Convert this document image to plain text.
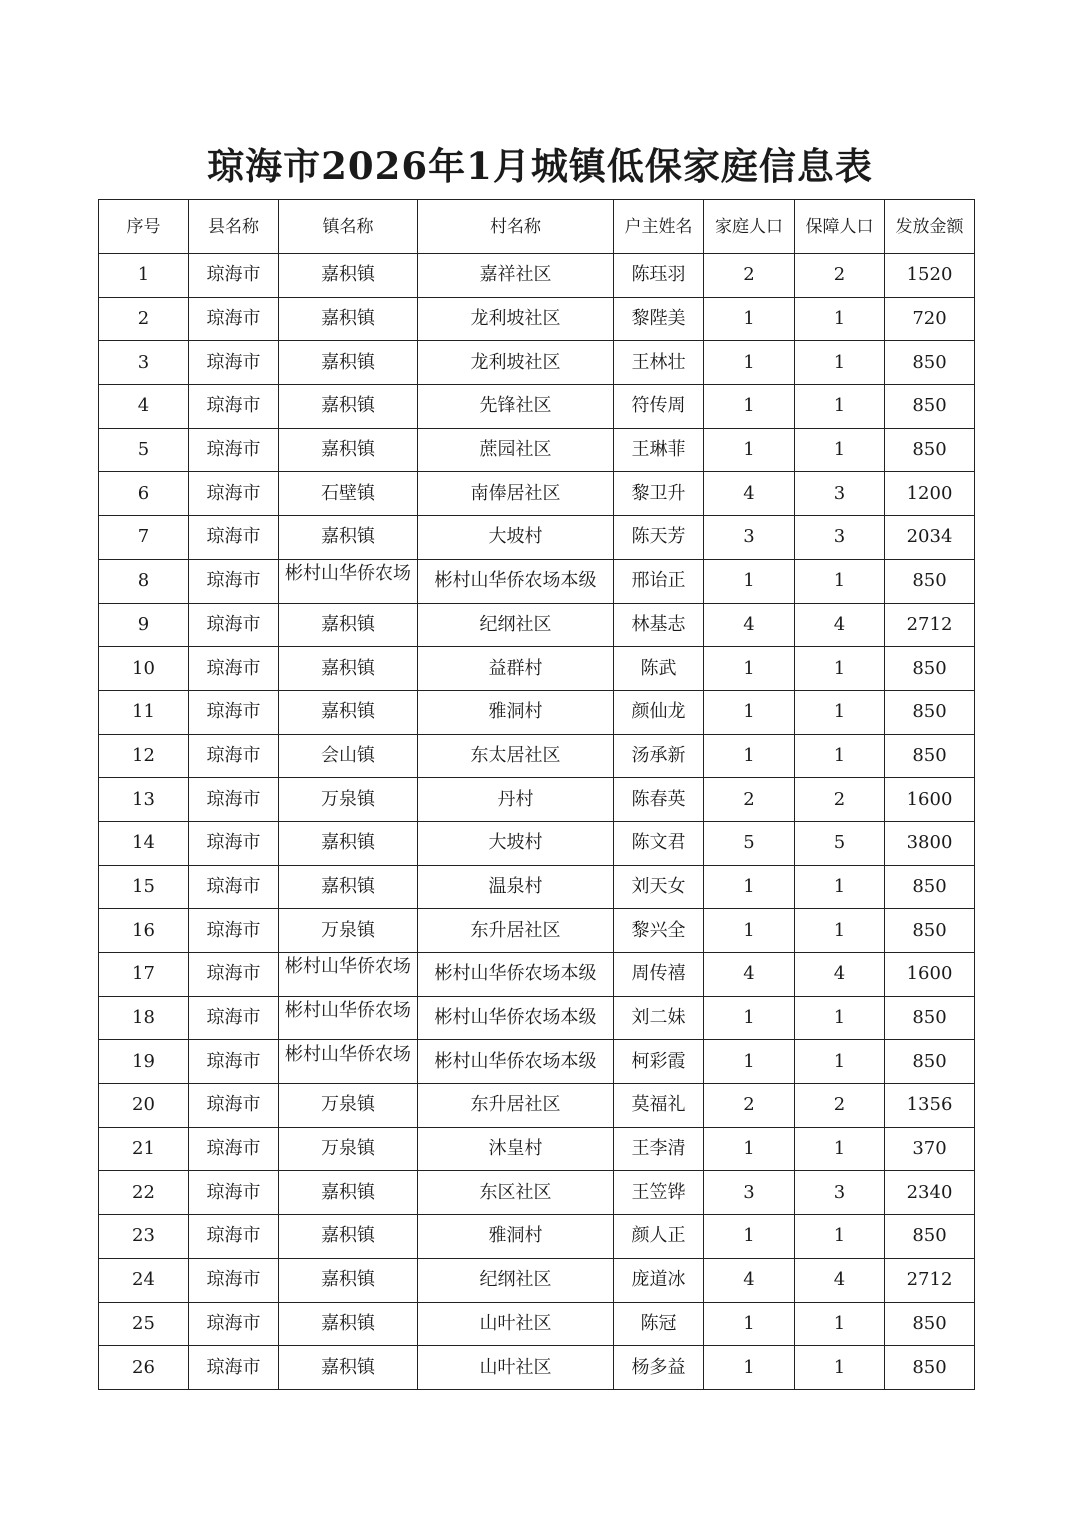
琼海市2026年1月城镇低保家庭信息表
序号	县名称	镇名称	村名称	户主姓名	家庭人口	保障人口	发放金额
1	琼海市	嘉积镇	嘉祥社区	陈珏羽	2	2	1520
2	琼海市	嘉积镇	龙利坡社区	黎陛美	1	1	720
3	琼海市	嘉积镇	龙利坡社区	王林壮	1	1	850
4	琼海市	嘉积镇	先锋社区	符传周	1	1	850
5	琼海市	嘉积镇	蔗园社区	王琳菲	1	1	850
6	琼海市	石壁镇	南俸居社区	黎卫升	4	3	1200
7	琼海市	嘉积镇	大坡村	陈天芳	3	3	2034
8	琼海市	彬村山华侨农场	彬村山华侨农场本级	邢诒正	1	1	850
9	琼海市	嘉积镇	纪纲社区	林基志	4	4	2712
10	琼海市	嘉积镇	益群村	陈武	1	1	850
11	琼海市	嘉积镇	雅洞村	颜仙龙	1	1	850
12	琼海市	会山镇	东太居社区	汤承新	1	1	850
13	琼海市	万泉镇	丹村	陈春英	2	2	1600
14	琼海市	嘉积镇	大坡村	陈文君	5	5	3800
15	琼海市	嘉积镇	温泉村	刘天女	1	1	850
16	琼海市	万泉镇	东升居社区	黎兴全	1	1	850
17	琼海市	彬村山华侨农场	彬村山华侨农场本级	周传禧	4	4	1600
18	琼海市	彬村山华侨农场	彬村山华侨农场本级	刘二妹	1	1	850
19	琼海市	彬村山华侨农场	彬村山华侨农场本级	柯彩霞	1	1	850
20	琼海市	万泉镇	东升居社区	莫福礼	2	2	1356
21	琼海市	万泉镇	沐皇村	王李清	1	1	370
22	琼海市	嘉积镇	东区社区	王笠铧	3	3	2340
23	琼海市	嘉积镇	雅洞村	颜人正	1	1	850
24	琼海市	嘉积镇	纪纲社区	庞道冰	4	4	2712
25	琼海市	嘉积镇	山叶社区	陈冠	1	1	850
26	琼海市	嘉积镇	山叶社区	杨多益	1	1	850
